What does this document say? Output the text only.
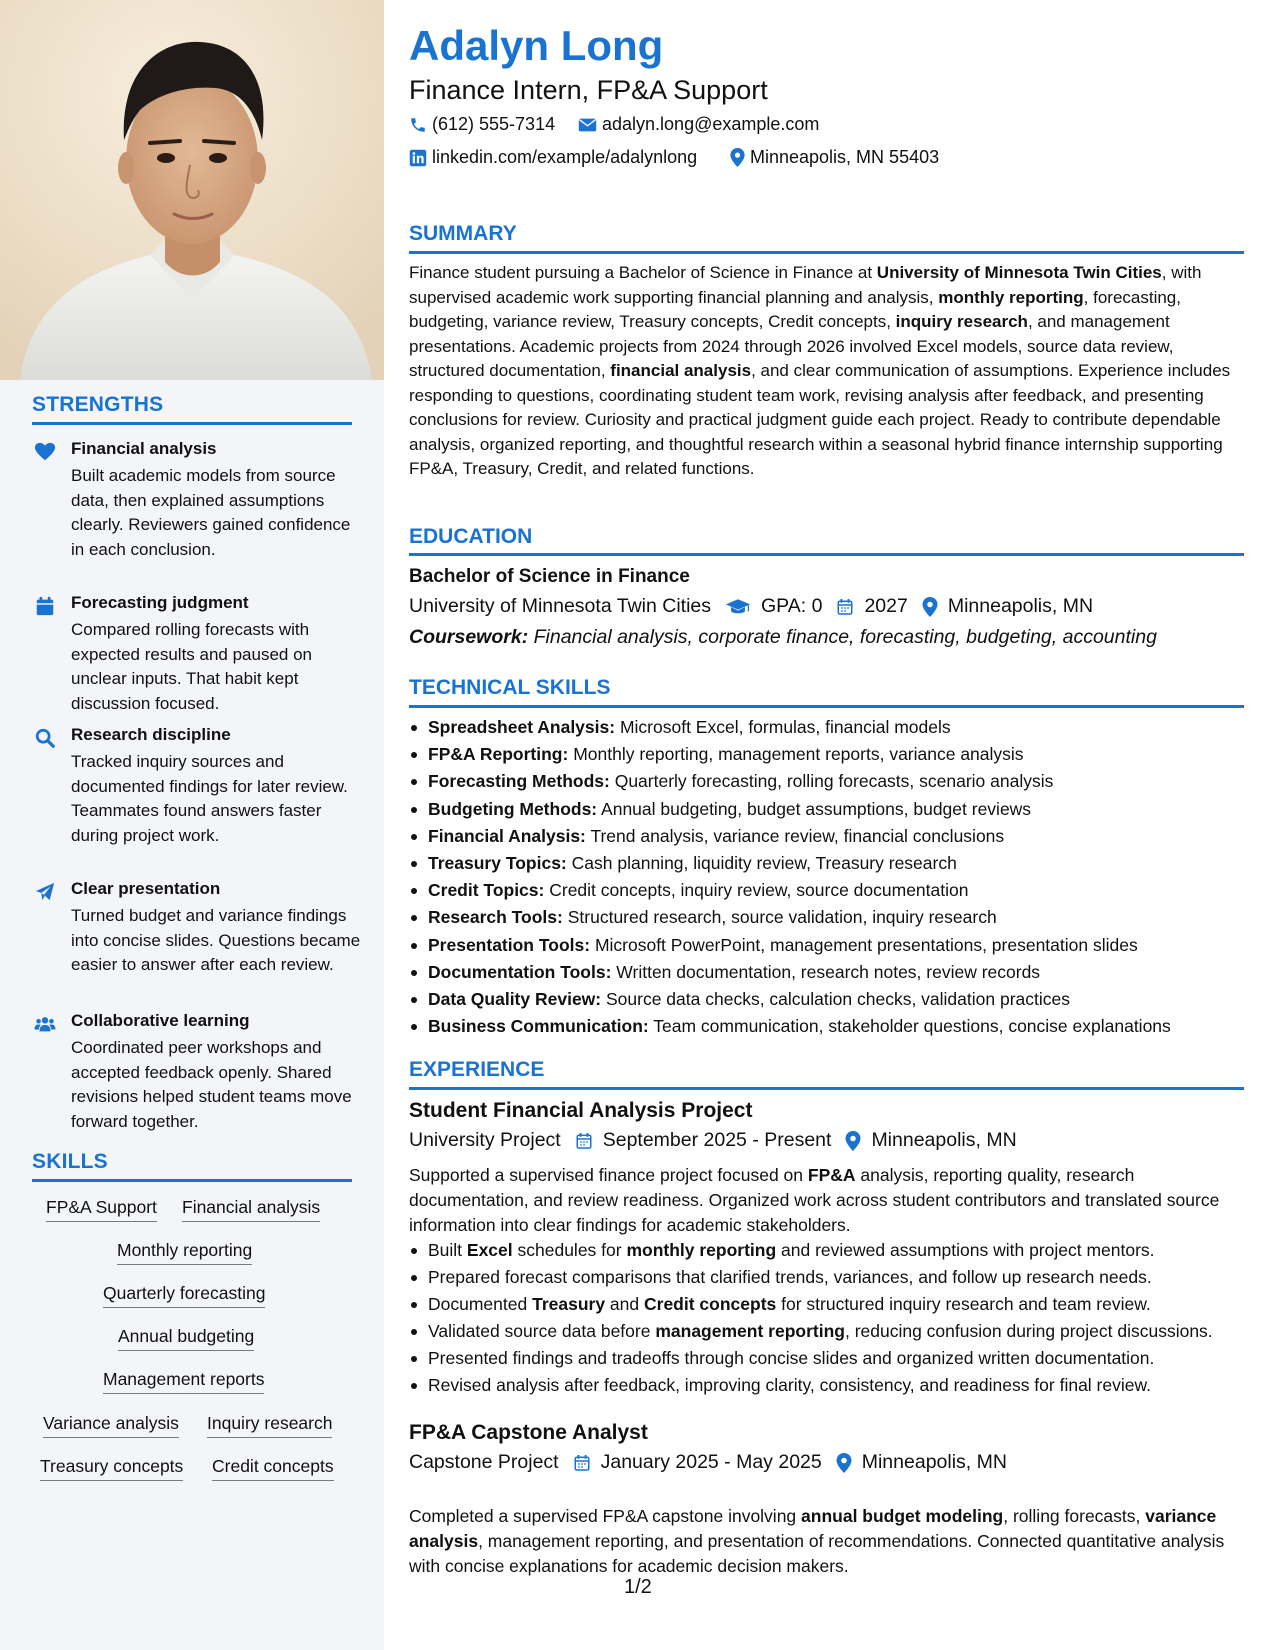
STRENGTHS
Financial analysis
Built academic models from source data, then explained assumptions clearly. Reviewers gained confidence in each conclusion.
Forecasting judgment
Compared rolling forecasts with expected results and paused on unclear inputs. That habit kept discussion focused.
Research discipline
Tracked inquiry sources and documented findings for later review. Teammates found answers faster during project work.
Clear presentation
Turned budget and variance findings into concise slides. Questions became easier to answer after each review.
Collaborative learning
Coordinated peer workshops and accepted feedback openly. Shared revisions helped student teams move forward together.
SKILLS
FP&A Support Financial analysis
Monthly reporting
Quarterly forecasting
Annual budgeting
Management reports
Variance analysis Inquiry research
Treasury concepts Credit concepts
Adalyn Long
Finance Intern, FP&A Support
(612) 555-7314	adalyn.long@example.com
linkedin.com/example/adalynlong	Minneapolis, MN 55403
SUMMARY
Finance student pursuing a Bachelor of Science in Finance at University of Minnesota Twin Cities, with supervised academic work supporting financial planning and analysis, monthly reporting, forecasting, budgeting, variance review, Treasury concepts, Credit concepts, inquiry research, and management presentations. Academic projects from 2024 through 2026 involved Excel models, source data review, structured documentation, financial analysis, and clear communication of assumptions. Experience includes responding to questions, coordinating student team work, revising analysis after feedback, and presenting conclusions for review. Curiosity and practical judgment guide each project. Ready to contribute dependable analysis, organized reporting, and thoughtful research within a seasonal hybrid finance internship supporting FP&A, Treasury, Credit, and related functions.
EDUCATION
Bachelor of Science in Finance
University of Minnesota Twin Cities	GPA: 0 2027 Minneapolis, MN
Coursework: Financial analysis, corporate finance, forecasting, budgeting, accounting
TECHNICAL SKILLS
Spreadsheet Analysis: Microsoft Excel, formulas, financial models
FP&A Reporting: Monthly reporting, management reports, variance analysis
Forecasting Methods: Quarterly forecasting, rolling forecasts, scenario analysis
Budgeting Methods: Annual budgeting, budget assumptions, budget reviews
Financial Analysis: Trend analysis, variance review, financial conclusions
Treasury Topics: Cash planning, liquidity review, Treasury research
Credit Topics: Credit concepts, inquiry review, source documentation
Research Tools: Structured research, source validation, inquiry research
Presentation Tools: Microsoft PowerPoint, management presentations, presentation slides
Documentation Tools: Written documentation, research notes, review records
Data Quality Review: Source data checks, calculation checks, validation practices
Business Communication: Team communication, stakeholder questions, concise explanations
EXPERIENCE
Student Financial Analysis Project
University Project September 2025 - Present Minneapolis, MN
Supported a supervised finance project focused on FP&A analysis, reporting quality, research documentation, and review readiness. Organized work across student contributors and translated source information into clear findings for academic stakeholders.
Built Excel schedules for monthly reporting and reviewed assumptions with project mentors.
Prepared forecast comparisons that clarified trends, variances, and follow up research needs.
Documented Treasury and Credit concepts for structured inquiry research and team review.
Validated source data before management reporting, reducing confusion during project discussions.
Presented findings and tradeoffs through concise slides and organized written documentation.
Revised analysis after feedback, improving clarity, consistency, and readiness for final review.
FP&A Capstone Analyst
Capstone Project January 2025 - May 2025 Minneapolis, MN
Completed a supervised FP&A capstone involving annual budget modeling, rolling forecasts, variance analysis, management reporting, and presentation of recommendations. Connected quantitative analysis with concise explanations for academic decision makers.
1/2
